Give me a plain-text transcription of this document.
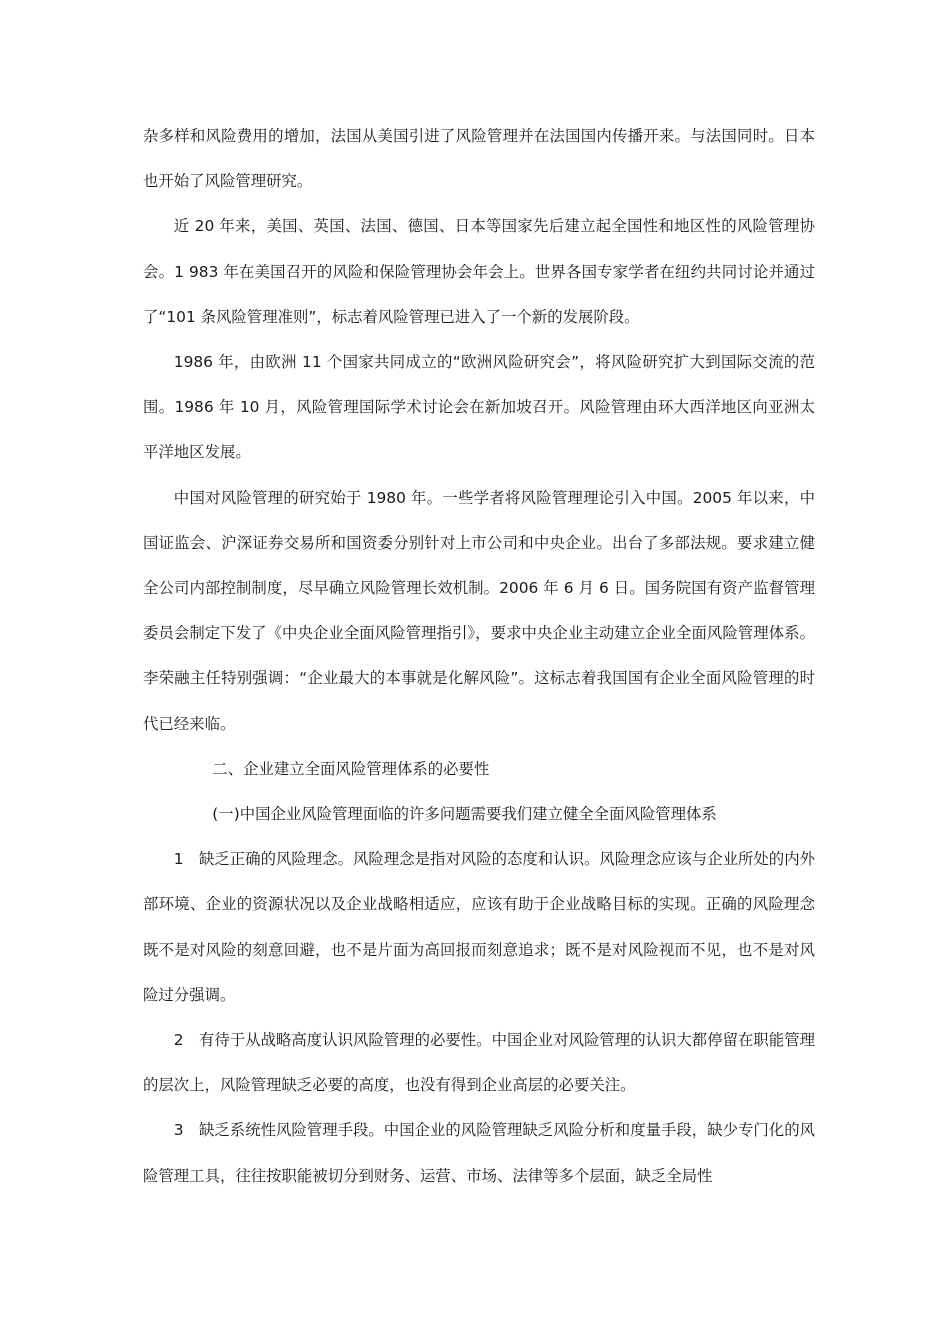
杂多样和风险费用的增加，法国从美国引进了风险管理并在法国国内传播开来。与法国同时。日本也开始了风险管理研究。

近 20 年来，美国、英国、法国、德国、日本等国家先后建立起全国性和地区性的风险管理协会。1 983 年在美国召开的风险和保险管理协会年会上。世界各国专家学者在纽约共同讨论并通过了“101 条风险管理准则”，标志着风险管理已进入了一个新的发展阶段。

1986 年，由欧洲 11 个国家共同成立的“欧洲风险研究会”，将风险研究扩大到国际交流的范围。1986 年 10 月，风险管理国际学术讨论会在新加坡召开。风险管理由环大西洋地区向亚洲太平洋地区发展。

中国对风险管理的研究始于 1980 年。一些学者将风险管理理论引入中国。2005 年以来，中国证监会、沪深证券交易所和国资委分别针对上市公司和中央企业。出台了多部法规。要求建立健全公司内部控制制度，尽早确立风险管理长效机制。2006 年 6 月 6 日。国务院国有资产监督管理委员会制定下发了《中央企业全面风险管理指引》，要求中央企业主动建立企业全面风险管理体系。李荣融主任特别强调：“企业最大的本事就是化解风险”。这标志着我国国有企业全面风险管理的时代已经来临。

二、企业建立全面风险管理体系的必要性

(一)中国企业风险管理面临的许多问题需要我们建立健全全面风险管理体系

1　缺乏正确的风险理念。风险理念是指对风险的态度和认识。风险理念应该与企业所处的内外部环境、企业的资源状况以及企业战略相适应，应该有助于企业战略目标的实现。正确的风险理念既不是对风险的刻意回避，也不是片面为高回报而刻意追求；既不是对风险视而不见，也不是对风险过分强调。

2　有待于从战略高度认识风险管理的必要性。中国企业对风险管理的认识大都停留在职能管理的层次上，风险管理缺乏必要的高度，也没有得到企业高层的必要关注。

3　缺乏系统性风险管理手段。中国企业的风险管理缺乏风险分析和度量手段，缺少专门化的风险管理工具，往往按职能被切分到财务、运营、市场、法律等多个层面，缺乏全局性
